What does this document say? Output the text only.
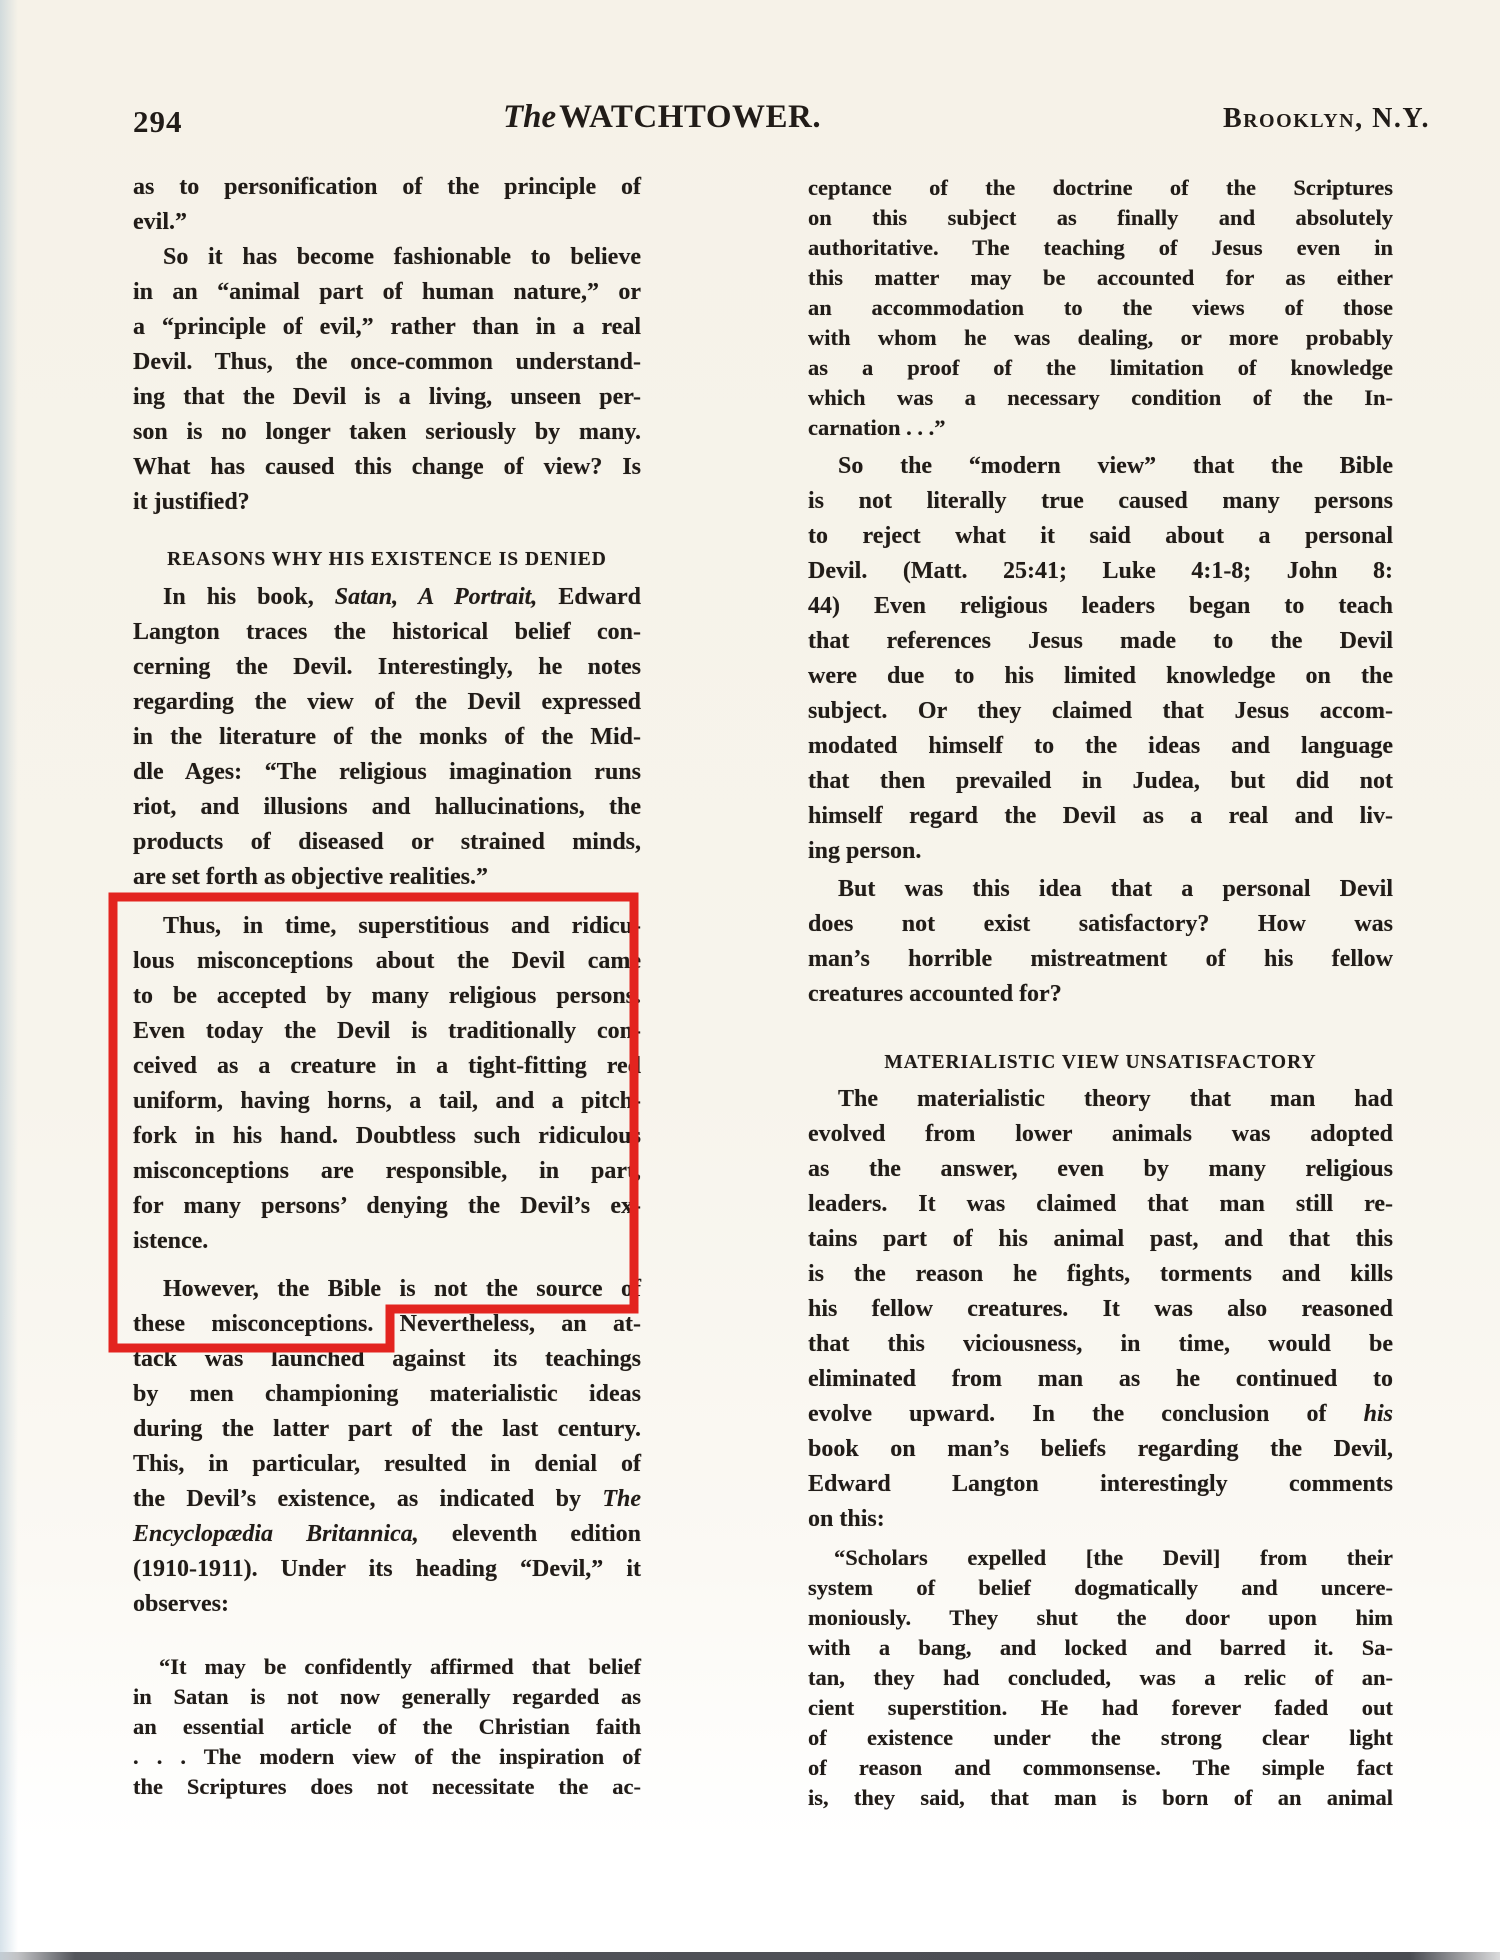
294	TheWATCHTOWER.	Brooklyn, N.Y.
as to personification of the principle of
evil.”
So it has become fashionable to believe
in an “animal part of human nature,” or
a “principle of evil,” rather than in a real
Devil. Thus, the once-common understand-
ing that the Devil is a living, unseen per-
son is no longer taken seriously by many.
What has caused this change of view? Is
it justified?
REASONS WHY HIS EXISTENCE IS DENIED
In his book, Satan, A Portrait, Edward
Langton traces the historical belief con-
cerning the Devil. Interestingly, he notes
regarding the view of the Devil expressed
in the literature of the monks of the Mid-
dle Ages: “The religious imagination runs
riot, and illusions and hallucinations, the
products of diseased or strained minds,
are set forth as objective realities.”
Thus, in time, superstitious and ridicu-
lous misconceptions about the Devil came
to be accepted by many religious persons.
Even today the Devil is traditionally con-
ceived as a creature in a tight-fitting red
uniform, having horns, a tail, and a pitch-
fork in his hand. Doubtless such ridiculous
misconceptions are responsible, in part,
for many persons’ denying the Devil’s ex-
istence.
However, the Bible is not the source of
these misconceptions. Nevertheless, an at-
tack was launched against its teachings
by men championing materialistic ideas
during the latter part of the last century.
This, in particular, resulted in denial of
the Devil’s existence, as indicated by The
Encyclopædia Britannica, eleventh edition
(1910-1911). Under its heading “Devil,” it
observes:
“It may be confidently affirmed that belief
in Satan is not now generally regarded as
an essential article of the Christian faith
. . . The modern view of the inspiration of
the Scriptures does not necessitate the ac-
ceptance of the doctrine of the Scriptures
on this subject as finally and absolutely
authoritative. The teaching of Jesus even in
this matter may be accounted for as either
an accommodation to the views of those
with whom he was dealing, or more probably
as a proof of the limitation of knowledge
which was a necessary condition of the In-
carnation . . .”
So the “modern view” that the Bible
is not literally true caused many persons
to reject what it said about a personal
Devil. (Matt. 25:41; Luke 4:1-8; John 8:
44) Even religious leaders began to teach
that references Jesus made to the Devil
were due to his limited knowledge on the
subject. Or they claimed that Jesus accom-
modated himself to the ideas and language
that then prevailed in Judea, but did not
himself regard the Devil as a real and liv-
ing person.
But was this idea that a personal Devil
does not exist satisfactory? How was
man’s horrible mistreatment of his fellow
creatures accounted for?
MATERIALISTIC VIEW UNSATISFACTORY
The materialistic theory that man had
evolved from lower animals was adopted
as the answer, even by many religious
leaders. It was claimed that man still re-
tains part of his animal past, and that this
is the reason he fights, torments and kills
his fellow creatures. It was also reasoned
that this viciousness, in time, would be
eliminated from man as he continued to
evolve upward. In the conclusion of his
book on man’s beliefs regarding the Devil,
Edward Langton interestingly comments
on this:
“Scholars expelled [the Devil] from their
system of belief dogmatically and uncere-
moniously. They shut the door upon him
with a bang, and locked and barred it. Sa-
tan, they had concluded, was a relic of an-
cient superstition. He had forever faded out
of existence under the strong clear light
of reason and commonsense. The simple fact
is, they said, that man is born of an animal
